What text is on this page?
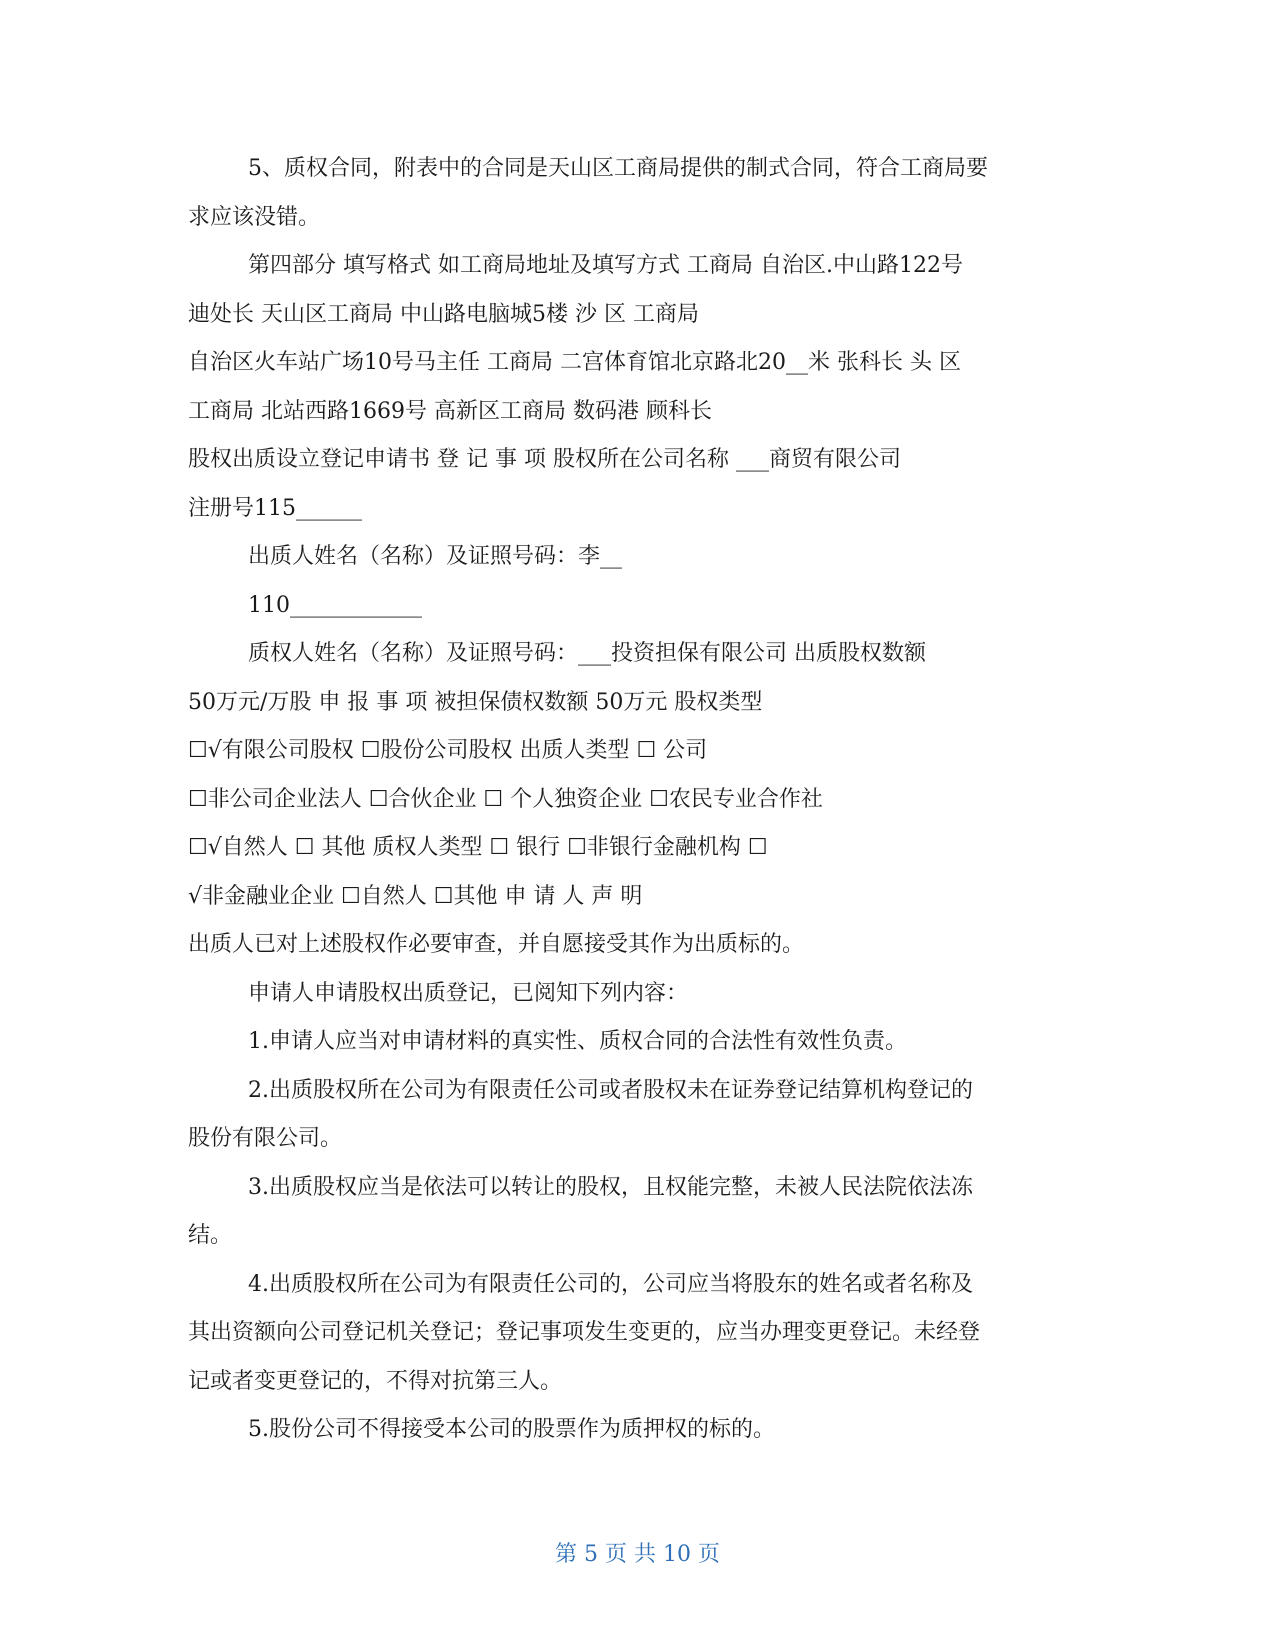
5、质权合同，附表中的合同是天山区工商局提供的制式合同，符合工商局要
求应该没错。
第四部分 填写格式 如工商局地址及填写方式 工商局 自治区.中山路122号
迪处长 天山区工商局 中山路电脑城5楼 沙 区 工商局
自治区火车站广场10号马主任 工商局 二宫体育馆北京路北20__米 张科长 头 区
工商局 北站西路1669号 高新区工商局 数码港 顾科长
股权出质设立登记申请书 登 记 事 项 股权所在公司名称 ___商贸有限公司
注册号115______
出质人姓名（名称）及证照号码：李__
110____________
质权人姓名（名称）及证照号码：___投资担保有限公司 出质股权数额
50万元/万股 申 报 事 项 被担保债权数额 50万元 股权类型
☐√有限公司股权 ☐股份公司股权 出质人类型 ☐ 公司
☐非公司企业法人 ☐合伙企业 ☐ 个人独资企业 ☐农民专业合作社
☐√自然人 ☐ 其他 质权人类型 ☐ 银行 ☐非银行金融机构 ☐
√非金融业企业 ☐自然人 ☐其他 申 请 人 声 明
出质人已对上述股权作必要审查，并自愿接受其作为出质标的。
申请人申请股权出质登记，已阅知下列内容：
1.申请人应当对申请材料的真实性、质权合同的合法性有效性负责。
2.出质股权所在公司为有限责任公司或者股权未在证券登记结算机构登记的
股份有限公司。
3.出质股权应当是依法可以转让的股权，且权能完整，未被人民法院依法冻
结。
4.出质股权所在公司为有限责任公司的，公司应当将股东的姓名或者名称及
其出资额向公司登记机关登记；登记事项发生变更的，应当办理变更登记。未经登
记或者变更登记的，不得对抗第三人。
5.股份公司不得接受本公司的股票作为质押权的标的。
第 5 页 共 10 页
